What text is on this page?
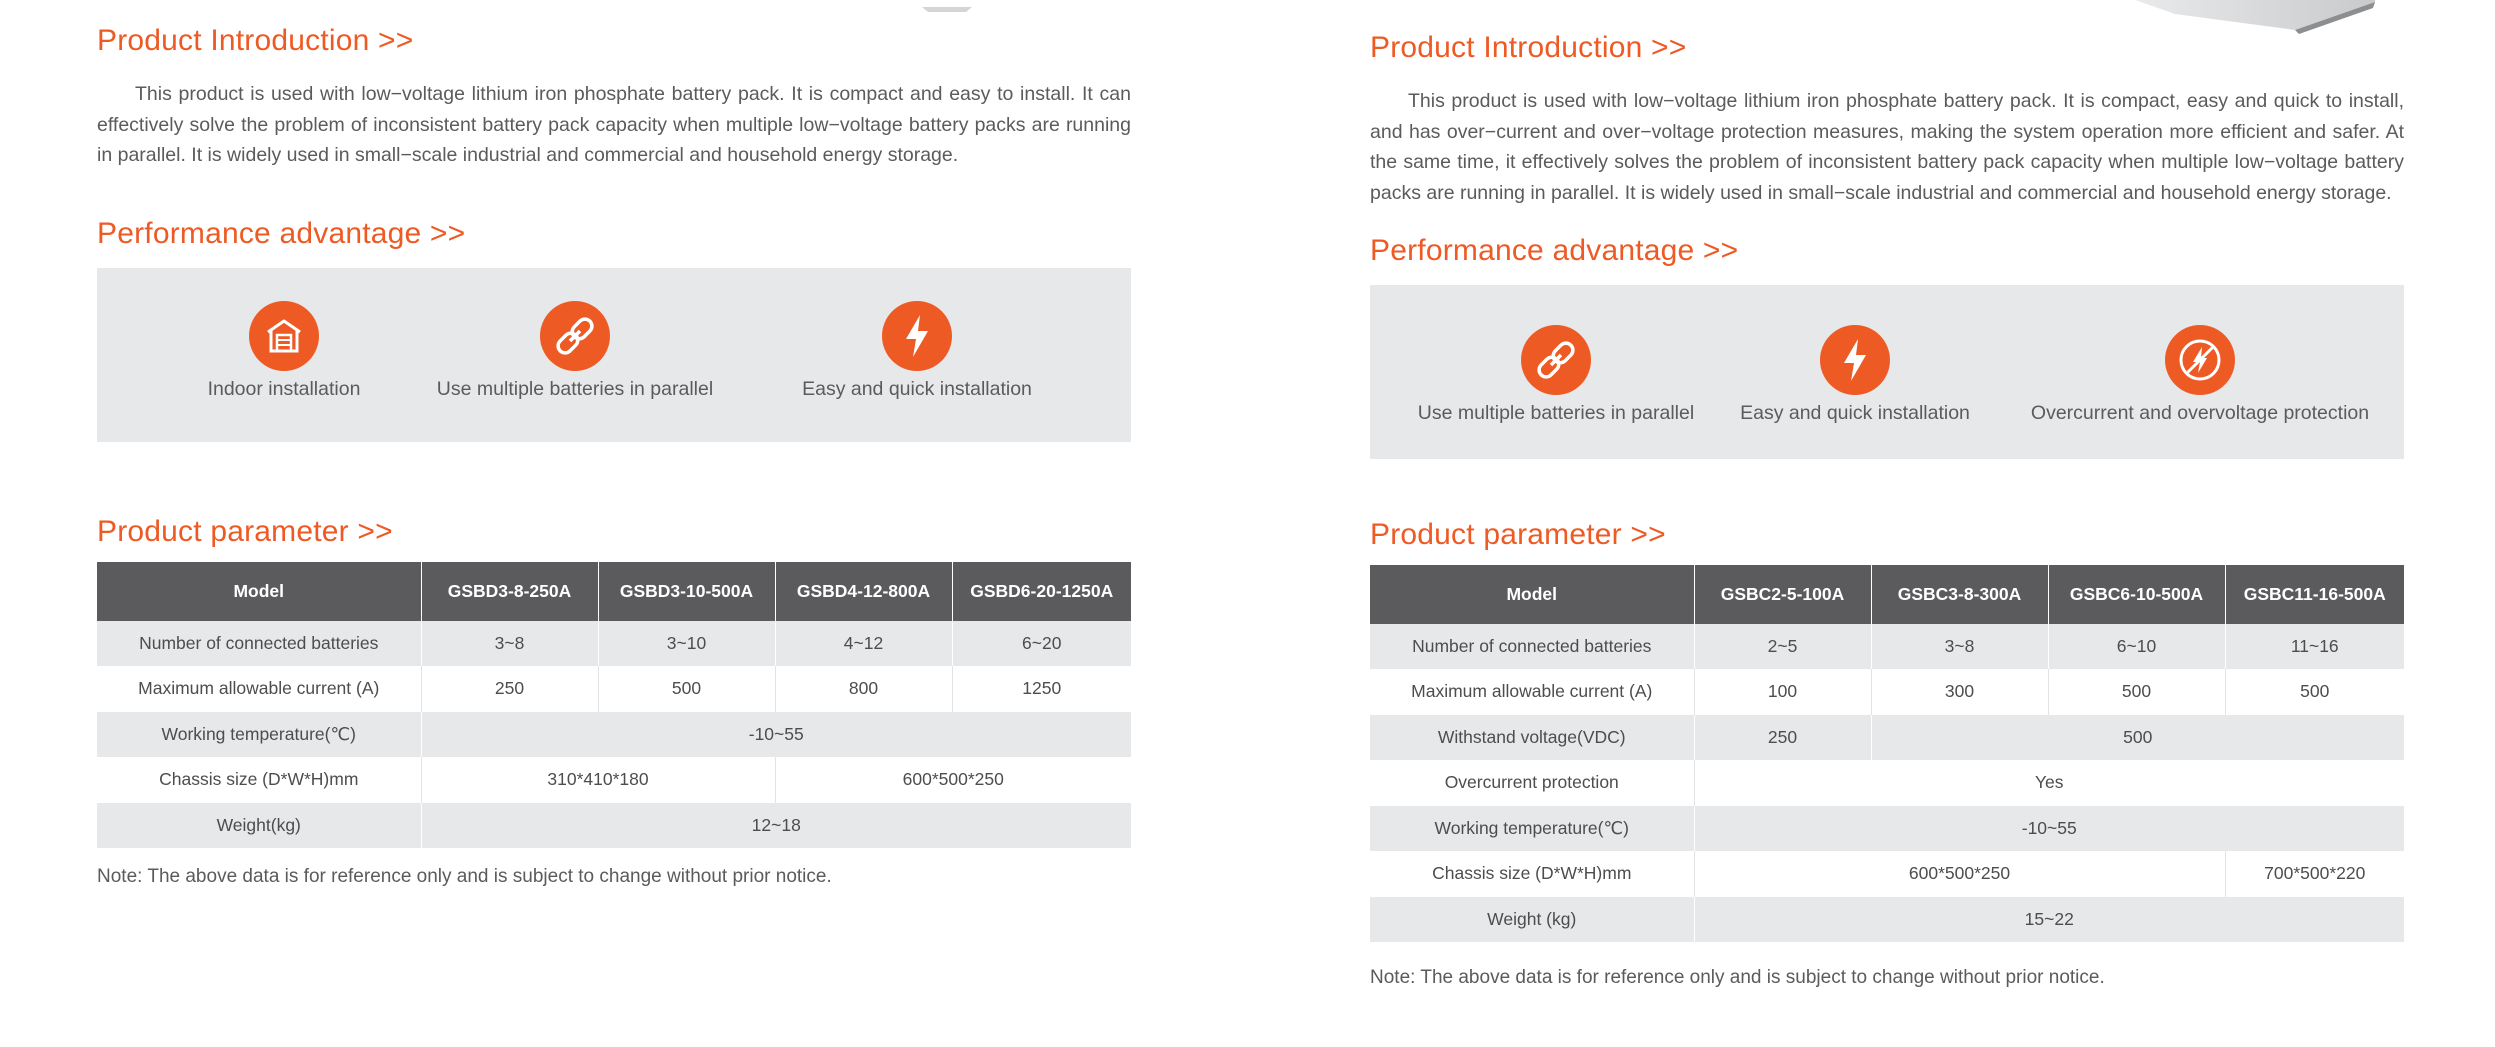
Product Introduction >>

This product is used with low−voltage lithium iron phosphate battery pack. It is compact and easy to install. It can effectively solve the problem of inconsistent battery pack capacity when multiple low−voltage battery packs are running in parallel. It is widely used in small−scale industrial and commercial and household energy storage.

Performance advantage >>
Indoor installation	Use multiple batteries in parallel	Easy and quick installation
Product parameter >>
Model	GSBD3-8-250A	GSBD3-10-500A	GSBD4-12-800A	GSBD6-20-1250A
Number of connected batteries	3~8	3~10	4~12	6~20
Maximum allowable current (A)	250	500	800	1250
Working temperature(℃)	-10~55			
Chassis size (D*W*H)mm	310*410*180		600*500*250	
Weight(kg)	12~18			

Note: The above data is for reference only and is subject to change without prior notice.

Product Introduction >>

This product is used with low−voltage lithium iron phosphate battery pack. It is compact, easy and quick to install, and has over−current and over−voltage protection measures, making the system operation more efficient and safer. At the same time, it effectively solves the problem of inconsistent battery pack capacity when multiple low−voltage battery packs are running in parallel. It is widely used in small−scale industrial and commercial and household energy storage.

Performance advantage >>
Use multiple batteries in parallel	Easy and quick installation	Overcurrent and overvoltage protection
Product parameter >>
Model	GSBC2-5-100A	GSBC3-8-300A	GSBC6-10-500A	GSBC11-16-500A
Number of connected batteries	2~5	3~8	6~10	11~16
Maximum allowable current (A)	100	300	500	500
Withstand voltage(VDC)	250	500		
Overcurrent protection	Yes			
Working temperature(℃)	-10~55			
Chassis size (D*W*H)mm	600*500*250			700*500*220
Weight (kg)	15~22			

Note: The above data is for reference only and is subject to change without prior notice.
